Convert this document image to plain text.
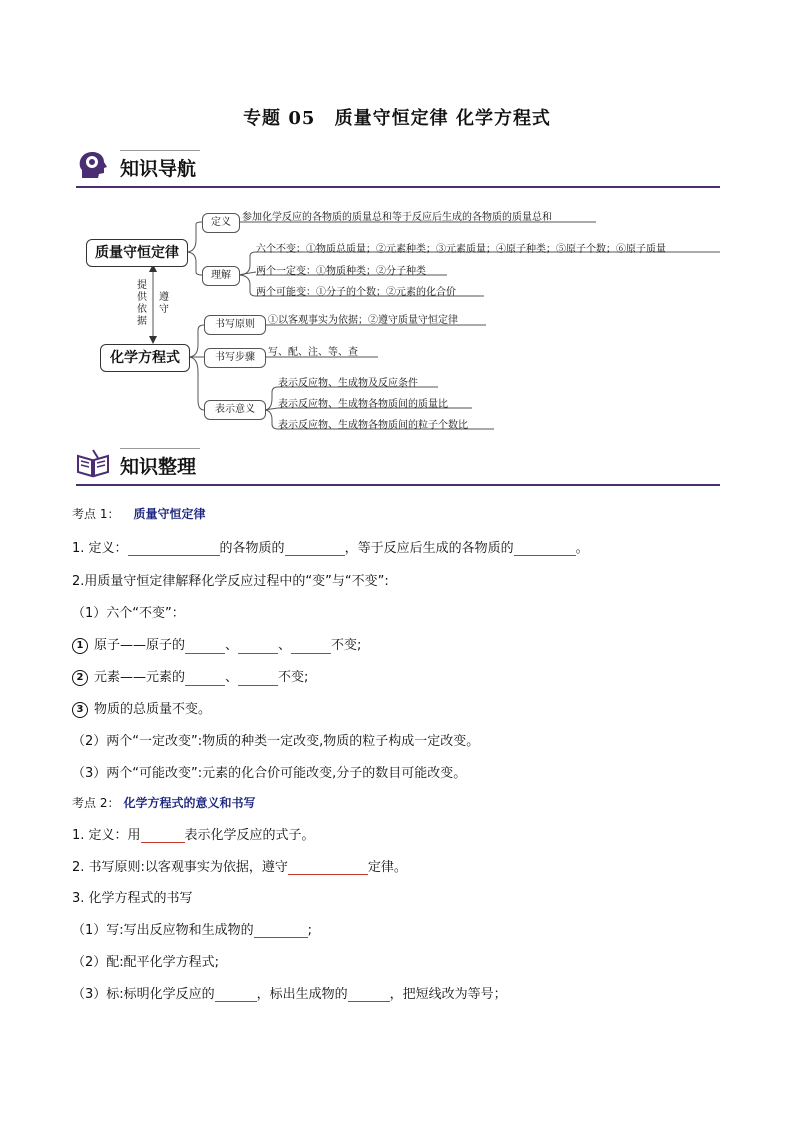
专题 05 质量守恒定律 化学方程式
知识导航
质量守恒定律
化学方程式
提供依据
遵守
定义	参加化学反应的各物质的质量总和等于反应后生成的各物质的质量总和
理解
六个不变：①物质总质量；②元素种类；③元素质量；④原子种类；⑤原子个数；⑥原子质量
两个一定变：①物质种类；②分子种类
两个可能变：①分子的个数；②元素的化合价
书写原则	①以客观事实为依据；②遵守质量守恒定律
书写步骤	写、配、注、等、查
表示意义
表示反应物、生成物及反应条件
表示反应物、生成物各物质间的质量比
表示反应物、生成物各物质间的粒子个数比
知识整理
考点 1： 质量守恒定律
1. 定义：	的各物质的	，等于反应后生成的各物质的	。
2.用质量守恒定律解释化学反应过程中的“变”与“不变”:
（1）六个“不变”：
1 原子——原子的	、	、	不变;
2 元素——元素的	、	不变;
3 物质的总质量不变。
（2）两个“一定改变”:物质的种类一定改变,物质的粒子构成一定改变。
（3）两个“可能改变”:元素的化合价可能改变,分子的数目可能改变。
考点 2： 化学方程式的意义和书写
1. 定义：用	表示化学反应的式子。
2. 书写原则:以客观事实为依据，遵守	定律。
3. 化学方程式的书写
（1）写:写出反应物和生成物的	;
（2）配:配平化学方程式;
（3）标:标明化学反应的	，标出生成物的	，把短线改为等号；
